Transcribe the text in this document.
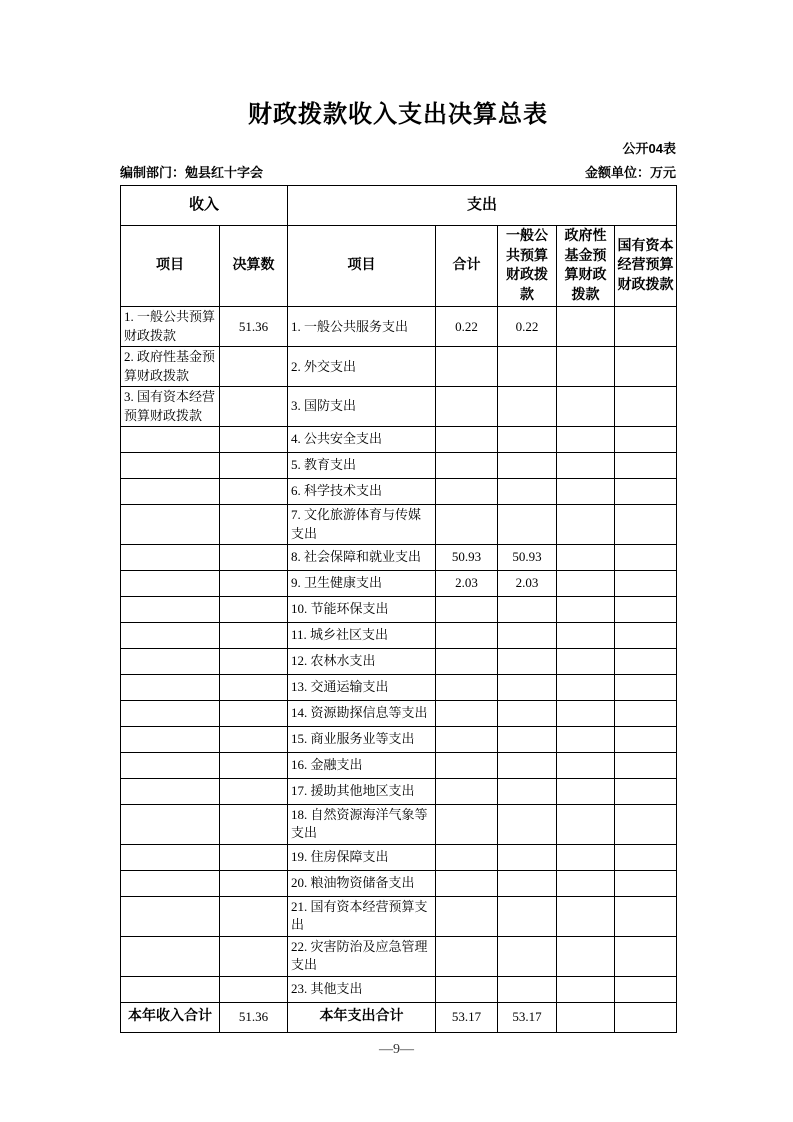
财政拨款收入支出决算总表
公开04表
编制部门：勉县红十字会	金额单位：万元
收入		支出				
项目	决算数	项目	合计	一般公共预算财政拨款	政府性基金预算财政拨款	国有资本经营预算财政拨款
1. 一般公共预算财政拨款	51.36	1. 一般公共服务支出	0.22	0.22		
2. 政府性基金预算财政拨款		2. 外交支出				
3. 国有资本经营预算财政拨款		3. 国防支出				
		4. 公共安全支出				
		5. 教育支出				
		6. 科学技术支出				
		7. 文化旅游体育与传媒支出				
		8. 社会保障和就业支出	50.93	50.93		
		9. 卫生健康支出	2.03	2.03		
		10. 节能环保支出				
		11. 城乡社区支出				
		12. 农林水支出				
		13. 交通运输支出				
		14. 资源勘探信息等支出				
		15. 商业服务业等支出				
		16. 金融支出				
		17. 援助其他地区支出				
		18. 自然资源海洋气象等支出				
		19. 住房保障支出				
		20. 粮油物资储备支出				
		21. 国有资本经营预算支出				
		22. 灾害防治及应急管理支出				
		23. 其他支出				
本年收入合计	51.36	本年支出合计	53.17	53.17		
—9—
